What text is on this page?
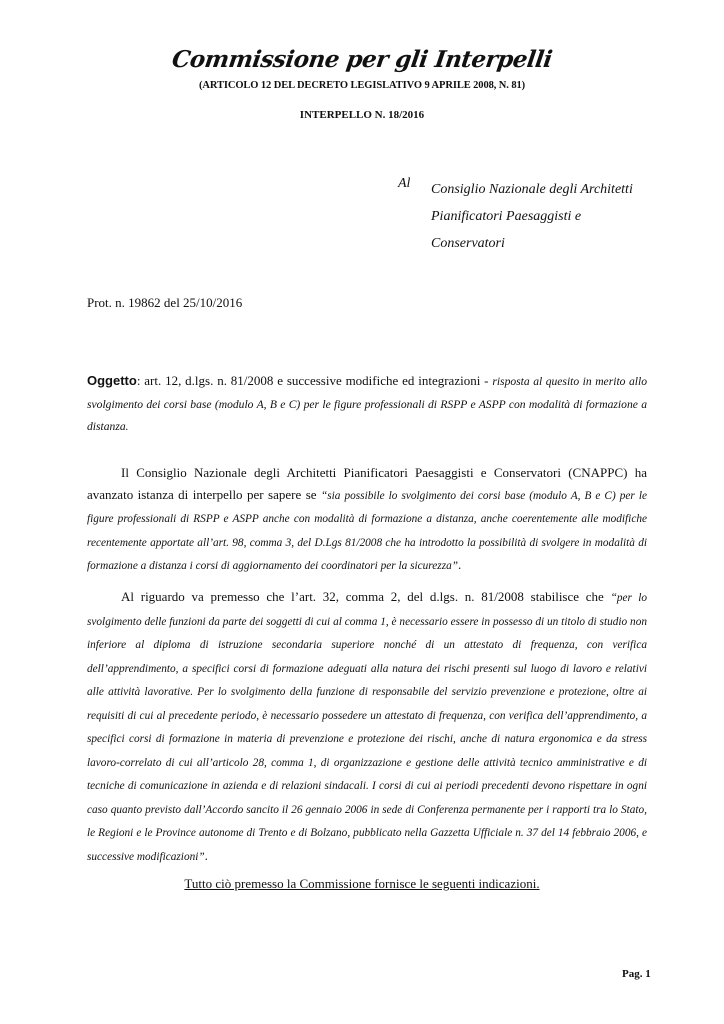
Commissione per gli Interpelli
(ARTICOLO 12 DEL DECRETO LEGISLATIVO 9 APRILE 2008, N. 81)
INTERPELLO N. 18/2016
Al Consiglio Nazionale degli Architetti
Pianificatori Paesaggisti e
Conservatori
Prot. n. 19862 del 25/10/2016
Oggetto: art. 12, d.lgs. n. 81/2008 e successive modifiche ed integrazioni - risposta al quesito in merito allo svolgimento dei corsi base (modulo A, B e C) per le figure professionali di RSPP e ASPP con modalità di formazione a distanza.
Il Consiglio Nazionale degli Architetti Pianificatori Paesaggisti e Conservatori (CNAPPC) ha avanzato istanza di interpello per sapere se “sia possibile lo svolgimento dei corsi base (modulo A, B e C) per le figure professionali di RSPP e ASPP anche con modalità di formazione a distanza, anche coerentemente alle modifiche recentemente apportate all’art. 98, comma 3, del D.Lgs 81/2008 che ha introdotto la possibilità di svolgere in modalità di formazione a distanza i corsi di aggiornamento dei coordinatori per la sicurezza”.
Al riguardo va premesso che l’art. 32, comma 2, del d.lgs. n. 81/2008 stabilisce che “per lo svolgimento delle funzioni da parte dei soggetti di cui al comma 1, è necessario essere in possesso di un titolo di studio non inferiore al diploma di istruzione secondaria superiore nonché di un attestato di frequenza, con verifica dell’apprendimento, a specifici corsi di formazione adeguati alla natura dei rischi presenti sul luogo di lavoro e relativi alle attività lavorative. Per lo svolgimento della funzione di responsabile del servizio prevenzione e protezione, oltre ai requisiti di cui al precedente periodo, è necessario possedere un attestato di frequenza, con verifica dell’apprendimento, a specifici corsi di formazione in materia di prevenzione e protezione dei rischi, anche di natura ergonomica e da stress lavoro-correlato di cui all’articolo 28, comma 1, di organizzazione e gestione delle attività tecnico amministrative e di tecniche di comunicazione in azienda e di relazioni sindacali. I corsi di cui ai periodi precedenti devono rispettare in ogni caso quanto previsto dall’Accordo sancito il 26 gennaio 2006 in sede di Conferenza permanente per i rapporti tra lo Stato, le Regioni e le Province autonome di Trento e di Bolzano, pubblicato nella Gazzetta Ufficiale n. 37 del 14 febbraio 2006, e successive modificazioni”.
Tutto ciò premesso la Commissione fornisce le seguenti indicazioni.
Pag. 1
